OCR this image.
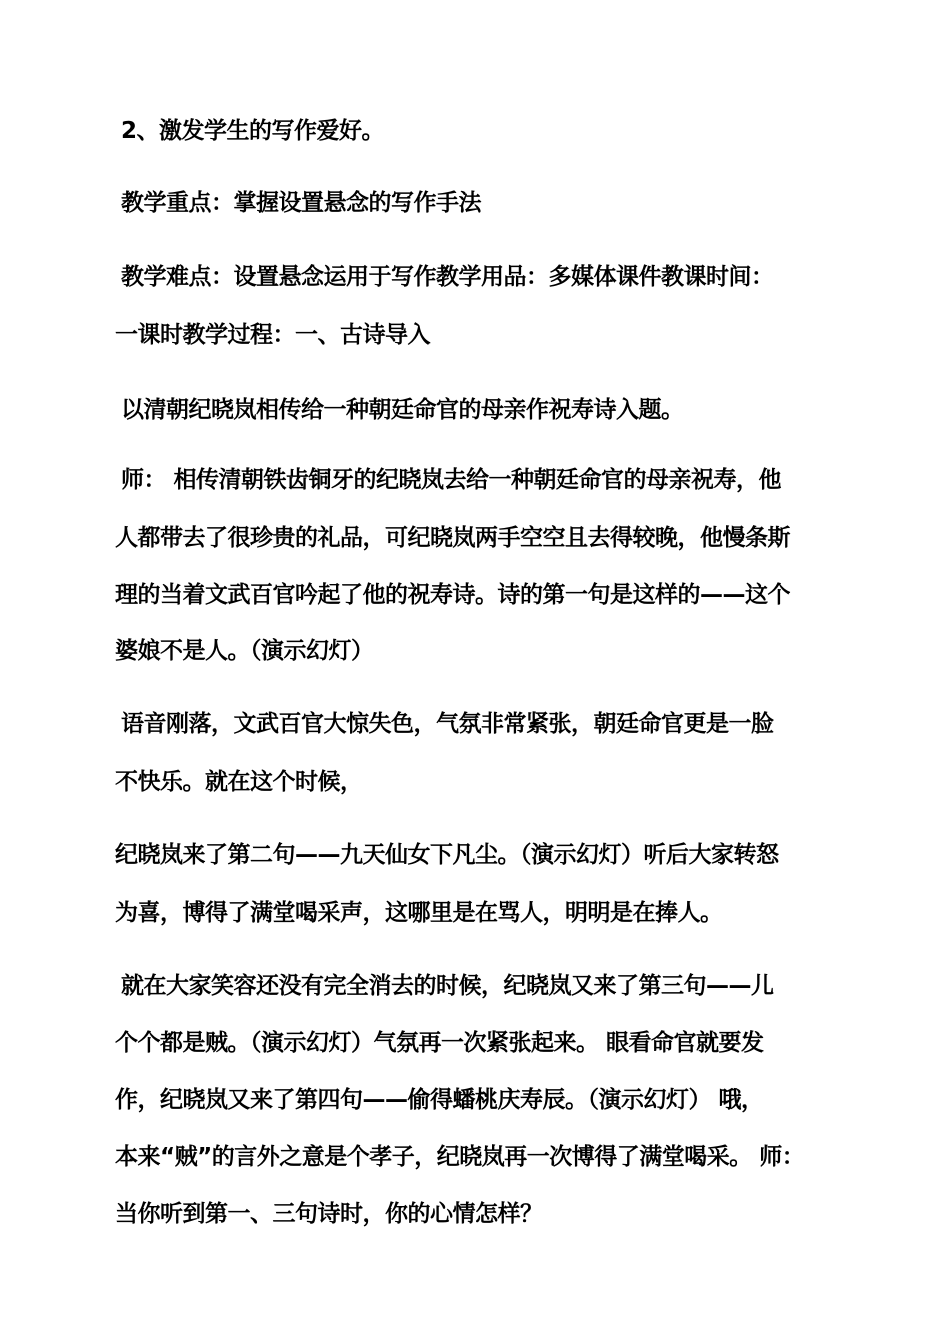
2、激发学生的写作爱好。
教学重点：掌握设置悬念的写作手法
教学难点：设置悬念运用于写作教学用品：多媒体课件教课时间：
一课时教学过程：一、古诗导入
以清朝纪晓岚相传给一种朝廷命官的母亲作祝寿诗入题。
师： 相传清朝铁齿铜牙的纪晓岚去给一种朝廷命官的母亲祝寿，他
人都带去了很珍贵的礼品，可纪晓岚两手空空且去得较晚，他慢条斯
理的当着文武百官吟起了他的祝寿诗。诗的第一句是这样的——这个
婆娘不是人。（演示幻灯）
语音刚落，文武百官大惊失色，气氛非常紧张，朝廷命官更是一脸
不快乐。就在这个时候，
纪晓岚来了第二句——九天仙女下凡尘。（演示幻灯）听后大家转怒
为喜，博得了满堂喝采声，这哪里是在骂人，明明是在捧人。
就在大家笑容还没有完全消去的时候，纪晓岚又来了第三句——儿
个个都是贼。（演示幻灯）气氛再一次紧张起来。 眼看命官就要发
作，纪晓岚又来了第四句——偷得蟠桃庆寿辰。（演示幻灯） 哦，
本来“贼”的言外之意是个孝子，纪晓岚再一次博得了满堂喝采。 师：
当你听到第一、三句诗时，你的心情怎样？
